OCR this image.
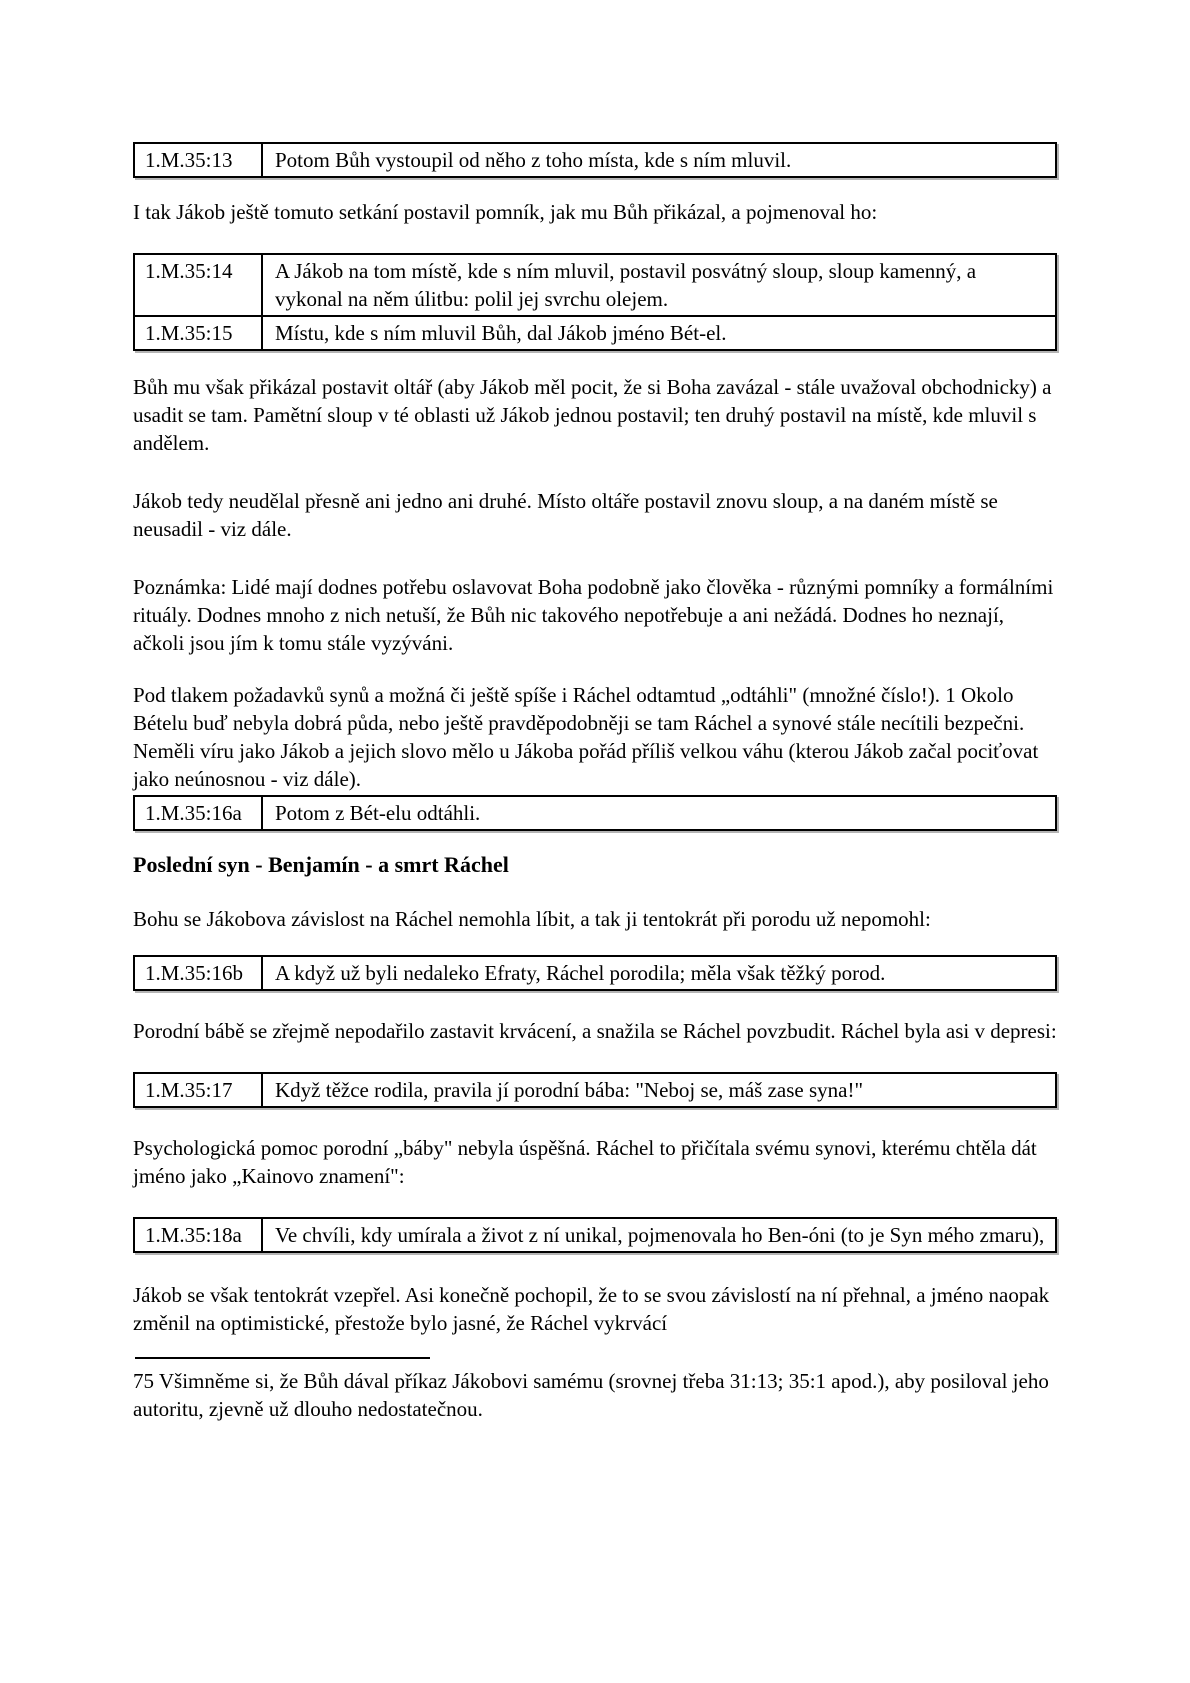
1.M.35:13	Potom Bůh vystoupil od něho z toho místa, kde s ním mluvil.

I tak Jákob ještě tomuto setkání postavil pomník, jak mu Bůh přikázal, a pojmenoval ho:

1.M.35:14	A Jákob na tom místě, kde s ním mluvil, postavil posvátný sloup, sloup kamenný, a vykonal na něm úlitbu: polil jej svrchu olejem.
1.M.35:15	Místu, kde s ním mluvil Bůh, dal Jákob jméno Bét-el.

Bůh mu však přikázal postavit oltář (aby Jákob měl pocit, že si Boha zavázal - stále uvažoval obchodnicky) a usadit se tam. Pamětní sloup v té oblasti už Jákob jednou postavil; ten druhý postavil na místě, kde mluvil s andělem.

Jákob tedy neudělal přesně ani jedno ani druhé. Místo oltáře postavil znovu sloup, a na daném místě se neusadil - viz dále.

Poznámka: Lidé mají dodnes potřebu oslavovat Boha podobně jako člověka - různými pomníky a formálními rituály. Dodnes mnoho z nich netuší, že Bůh nic takového nepotřebuje a ani nežádá. Dodnes ho neznají, ačkoli jsou jím k tomu stále vyzýváni.

Pod tlakem požadavků synů a možná či ještě spíše i Ráchel odtamtud „odtáhli" (množné číslo!). 1 Okolo Bételu buď nebyla dobrá půda, nebo ještě pravděpodobněji se tam Ráchel a synové stále necítili bezpečni. Neměli víru jako Jákob a jejich slovo mělo u Jákoba pořád příliš velkou váhu (kterou Jákob začal pociťovat jako neúnosnou - viz dále).

1.M.35:16a	Potom z Bét-elu odtáhli.
Poslední syn - Benjamín - a smrt Ráchel

Bohu se Jákobova závislost na Ráchel nemohla líbit, a tak ji tentokrát při porodu už nepomohl:

1.M.35:16b	A když už byli nedaleko Efraty, Ráchel porodila; měla však těžký porod.

Porodní bábě se zřejmě nepodařilo zastavit krvácení, a snažila se Ráchel povzbudit. Ráchel byla asi v depresi:

1.M.35:17	Když těžce rodila, pravila jí porodní bába: "Neboj se, máš zase syna!"

Psychologická pomoc porodní „báby" nebyla úspěšná. Ráchel to přičítala svému synovi, kterému chtěla dát jméno jako „Kainovo znamení":

1.M.35:18a	Ve chvíli, kdy umírala a život z ní unikal, pojmenovala ho Ben-óni (to je Syn mého zmaru),

Jákob se však tentokrát vzepřel. Asi konečně pochopil, že to se svou závislostí na ní přehnal, a jméno naopak změnil na optimistické, přestože bylo jasné, že Ráchel vykrvácí

75 Všimněme si, že Bůh dával příkaz Jákobovi samému (srovnej třeba 31:13; 35:1 apod.), aby posiloval jeho autoritu, zjevně už dlouho nedostatečnou.
